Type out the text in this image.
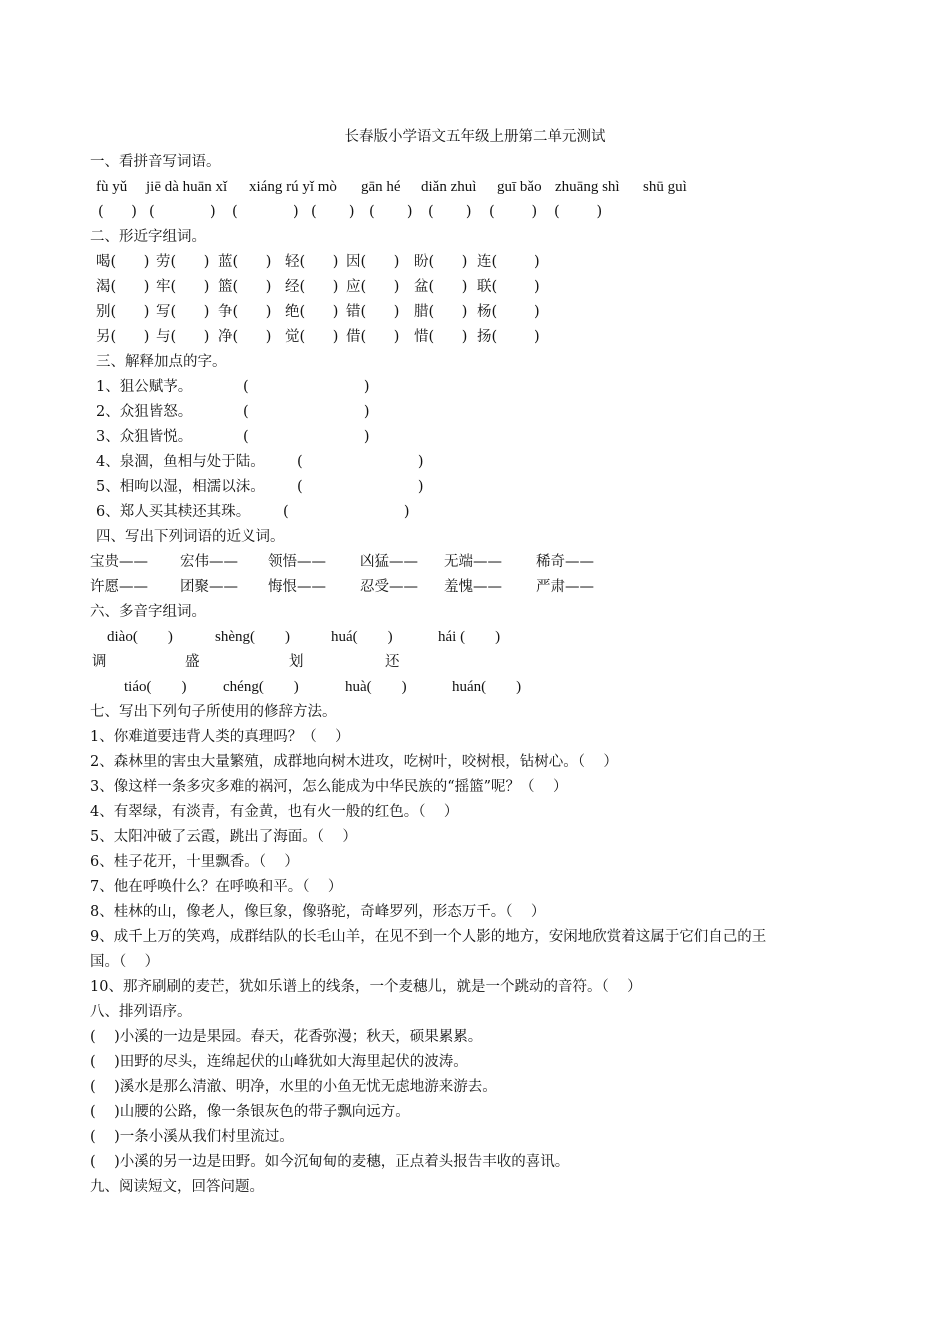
长春版小学语文五年级上册第二单元测试
一、看拼音写词语。
fù yǔ jiē dà huān xǐ xiáng rú yǐ mò gān hé diǎn zhuì guī bǎo zhuāng shì shū guì
(      ) (            ) (            ) (       ) (       ) (       ) (        ) (        )
二、形近字组词。
喝(      ) 劳(      ) 蓝(      ) 轻(      ) 因(      ) 盼(      ) 连(        )
渴(      ) 牢(      ) 篮(      ) 经(      ) 应(      ) 盆(      ) 联(        )
别(      ) 写(      ) 争(      ) 绝(      ) 错(      ) 腊(      ) 杨(        )
另(      ) 与(      ) 净(      ) 觉(      ) 借(      ) 惜(      ) 扬(        )
三、解释加点的字。
1、狙公赋芧。	(                         )
2、众狙皆怒。	(                         )
3、众狙皆悦。	(                         )
4、泉涸，鱼相与处于陆。 (                         )
5、相呴以湿，相濡以沫。 (                         )
6、郑人买其椟还其珠。 (                         )
四、写出下列词语的近义词。
宝贵—— 宏伟—— 领悟—— 凶猛—— 无端—— 稀奇——
许愿—— 团聚—— 悔恨—— 忍受—— 羞愧—— 严肃——
六、多音字组词。
diào(        )	shèng(        )	huá(        )	hái (        )
调	盛	划	还
tiáo(        ) chéng(        )	huà(        )	huán(        )
七、写出下列句子所使用的修辞方法。
1、你难道要违背人类的真理吗？（    ）
2、森林里的害虫大量繁殖，成群地向树木进攻，吃树叶，咬树根，钻树心。（    ）
3、像这样一条多灾多难的祸河，怎么能成为中华民族的“摇篮”呢？（    ）
4、有翠绿，有淡青，有金黄，也有火一般的红色。（    ）
5、太阳冲破了云霞，跳出了海面。（    ）
6、桂子花开，十里飘香。（    ）
7、他在呼唤什么？在呼唤和平。（    ）
8、桂林的山，像老人，像巨象，像骆驼，奇峰罗列，形态万千。（    ）
9、成千上万的笑鸡，成群结队的长毛山羊，在见不到一个人影的地方，安闲地欣赏着这属于它们自己的王
国。（    ）
10、那齐刷刷的麦芒，犹如乐谱上的线条，一个麦穗儿，就是一个跳动的音符。（    ）
八、排列语序。
(    )小溪的一边是果园。春天，花香弥漫；秋天，硕果累累。
(    )田野的尽头，连绵起伏的山峰犹如大海里起伏的波涛。
(    )溪水是那么清澈、明净，水里的小鱼无忧无虑地游来游去。
(    )山腰的公路，像一条银灰色的带子飘向远方。
(    )一条小溪从我们村里流过。
(    )小溪的另一边是田野。如今沉甸甸的麦穗，正点着头报告丰收的喜讯。
九、阅读短文，回答问题。
